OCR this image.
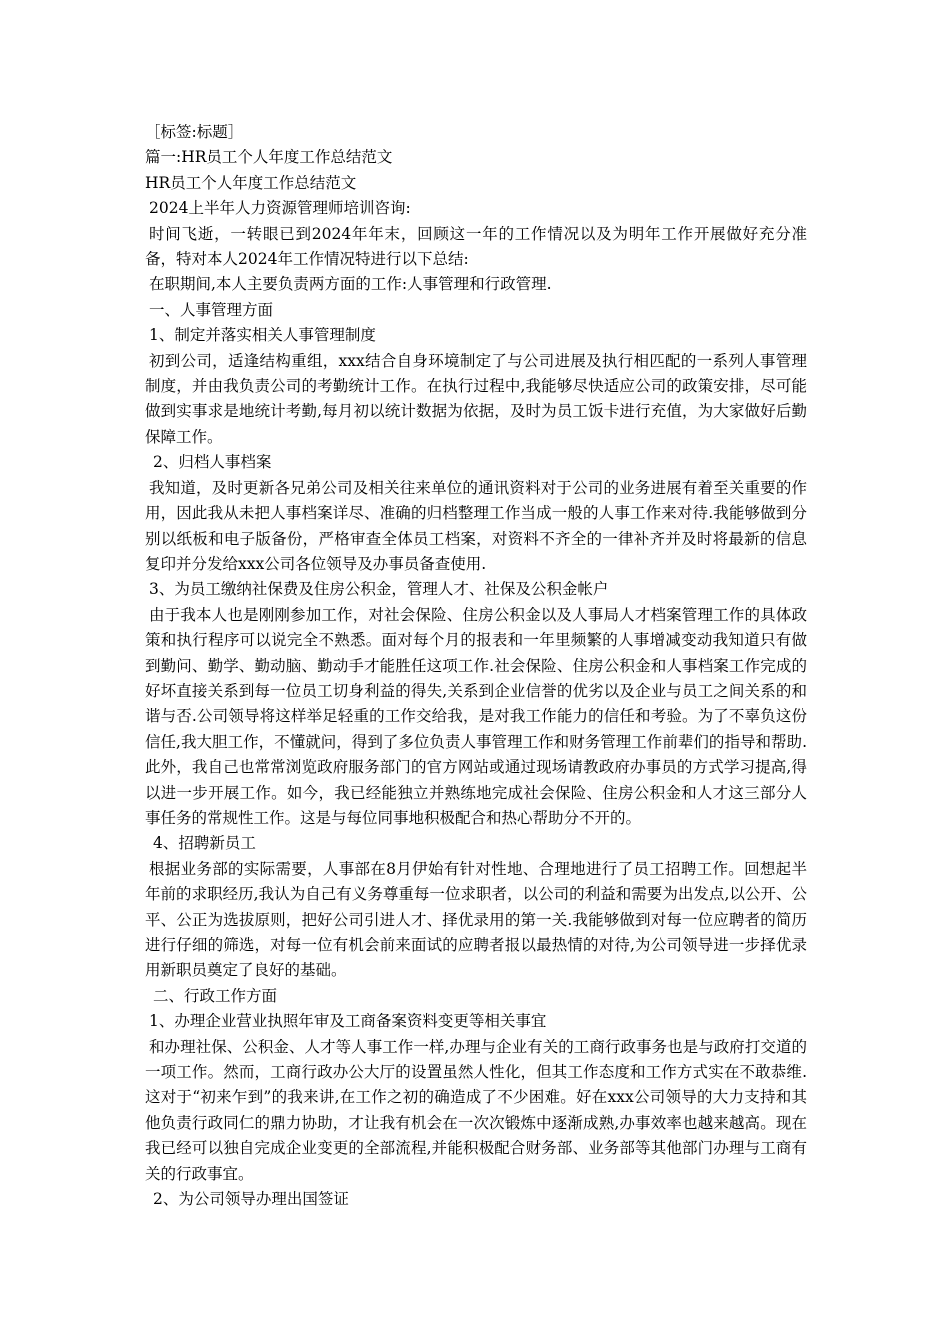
［标签:标题］

篇一:HR员工个人年度工作总结范文

HR员工个人年度工作总结范文

2024上半年人力资源管理师培训咨询:

时间飞逝，一转眼已到2024年年末，回顾这一年的工作情况以及为明年工作开展做好充分准备，特对本人2024年工作情况特进行以下总结:

在职期间,本人主要负责两方面的工作:人事管理和行政管理.

一、人事管理方面

1、制定并落实相关人事管理制度

初到公司，适逢结构重组，xxx结合自身环境制定了与公司进展及执行相匹配的一系列人事管理制度，并由我负责公司的考勤统计工作。在执行过程中,我能够尽快适应公司的政策安排，尽可能做到实事求是地统计考勤,每月初以统计数据为依据，及时为员工饭卡进行充值，为大家做好后勤保障工作。

2、归档人事档案

我知道，及时更新各兄弟公司及相关往来单位的通讯资料对于公司的业务进展有着至关重要的作用，因此我从未把人事档案详尽、准确的归档整理工作当成一般的人事工作来对待.我能够做到分别以纸板和电子版备份，严格审查全体员工档案，对资料不齐全的一律补齐并及时将最新的信息复印并分发给xxx公司各位领导及办事员备查使用.

3、为员工缴纳社保费及住房公积金，管理人才、社保及公积金帐户

由于我本人也是刚刚参加工作，对社会保险、住房公积金以及人事局人才档案管理工作的具体政策和执行程序可以说完全不熟悉。面对每个月的报表和一年里频繁的人事增减变动我知道只有做到勤问、勤学、勤动脑、勤动手才能胜任这项工作.社会保险、住房公积金和人事档案工作完成的好坏直接关系到每一位员工切身利益的得失,关系到企业信誉的优劣以及企业与员工之间关系的和谐与否.公司领导将这样举足轻重的工作交给我，是对我工作能力的信任和考验。为了不辜负这份信任,我大胆工作，不懂就问，得到了多位负责人事管理工作和财务管理工作前辈们的指导和帮助.此外，我自己也常常浏览政府服务部门的官方网站或通过现场请教政府办事员的方式学习提高,得以进一步开展工作。如今，我已经能独立并熟练地完成社会保险、住房公积金和人才这三部分人事任务的常规性工作。这是与每位同事地积极配合和热心帮助分不开的。

4、招聘新员工

根据业务部的实际需要，人事部在8月伊始有针对性地、合理地进行了员工招聘工作。回想起半年前的求职经历,我认为自己有义务尊重每一位求职者，以公司的利益和需要为出发点,以公开、公平、公正为选拔原则，把好公司引进人才、择优录用的第一关.我能够做到对每一位应聘者的简历进行仔细的筛选，对每一位有机会前来面试的应聘者报以最热情的对待,为公司领导进一步择优录用新职员奠定了良好的基础。

二、行政工作方面

1、办理企业营业执照年审及工商备案资料变更等相关事宜

和办理社保、公积金、人才等人事工作一样,办理与企业有关的工商行政事务也是与政府打交道的一项工作。然而，工商行政办公大厅的设置虽然人性化，但其工作态度和工作方式实在不敢恭维.这对于“初来乍到”的我来讲,在工作之初的确造成了不少困难。好在xxx公司领导的大力支持和其他负责行政同仁的鼎力协助，才让我有机会在一次次锻炼中逐渐成熟,办事效率也越来越高。现在我已经可以独自完成企业变更的全部流程,并能积极配合财务部、业务部等其他部门办理与工商有关的行政事宜。

2、为公司领导办理出国签证
